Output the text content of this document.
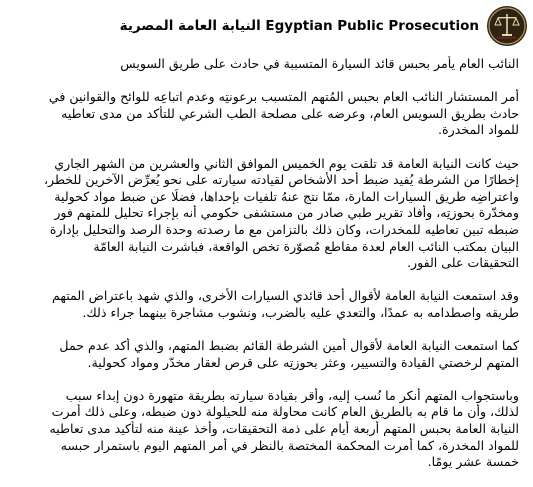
Egyptian Public Prosecution النيابة العامة المصرية
النائب العام يأمر بحبس قائد السيارة المتسببة في حادث على طريق السويس
أمر المستشار النائب العام بحبس المُتهم المتسبب برعونتِه وعدم اتباعِه للوائح والقوانين في
حادث بطريق السويس العام، وعرضه على مصلحة الطب الشرعي للتأكد من مدى تعاطيه
للمواد المخدرة.
حيث كانت النيابة العامة قد تلقت يوم الخميس الموافق الثاني والعشرين من الشهر الجاري
إخطارًا من الشرطة يُفيد ضبط أحد الأشخاص لقيادته سيارته على نحو يُعرِّض الآخرين للخطر،
واعتراضِه طريق السيارات المارة، ممّا نتج عنهُ تلفيات بإحداها، فضلًا عن ضبط مواد كحولية
ومخدّرة بحوزتِه، وأفاد تقرير طبي صادر من مستشفى حكومي أنه بإجراء تحليل للمتهم فور
ضبطه تبين تعاطيه للمخدرات، وكان ذلك بالتزامن مع ما رصدته وحدة الرصد والتحليل بإدارة
البيان بمكتب النائب العام لعدة مقاطع مُصوّرة تخص الواقعة، فباشرت النيابة العامّة
التحقيقات على الفور.
وقد استمعت النيابة العامة لأقوال أحد قائدي السيارات الأخرى، والذي شهد باعتراض المتهم
طريقه واصطدامه به عمدًا، والتعدي عليه بالضرب، ونشوب مشاجرة بينهما جراء ذلك.
كما استمعت النيابة العامة لأقوال أمين الشرطة القائم بضبط المتهم، والذي أكد عدم حمل
المتهم لرخصتي القيادة والتسيير، وعثر بحوزتِه على قرص لعقار مخدّر ومواد كحولية.
وباستجواب المتهم أنكر ما نُسب إليه، وأقر بقيادة سيارته بطريقة متهورة دون إبداء سبب
لذلك، وأن ما قام به بالطريق العام كانت محاولة منه للحيلولة دون ضبطه، وعلى ذلك أمرت
النيابة العامة بحبس المتهم أربعة أيام على ذمة التحقيقات، وأخذ عينة منه لتأكيد مدى تعاطيه
للمواد المخدرة، كما أمرت المحكمة المختصة بالنظر في أمر المتهم اليوم باستمرار حبسه
خمسة عشر يومًا.
